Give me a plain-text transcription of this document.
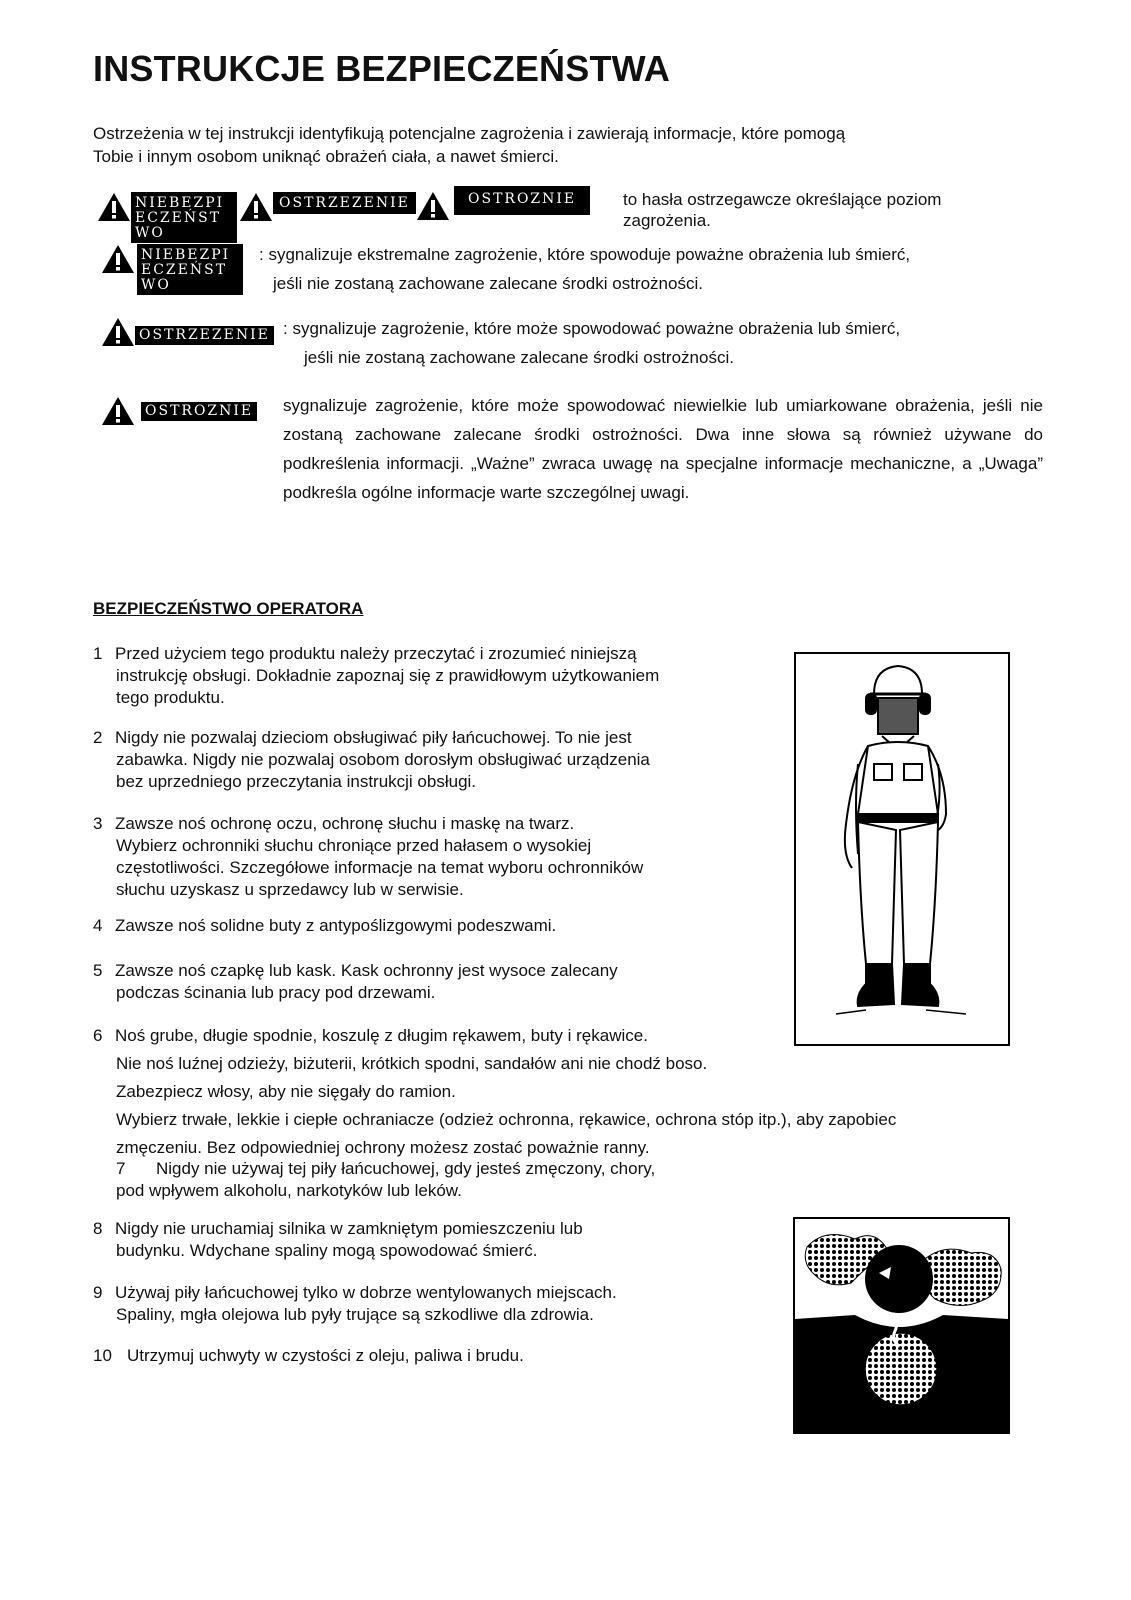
INSTRUKCJE BEZPIECZEŃSTWA
Ostrzeżenia w tej instrukcji identyfikują potencjalne zagrożenia i zawierają informacje, które pomogą
Tobie i innym osobom uniknąć obrażeń ciała, a nawet śmierci.
NIEBEZPIECZEŃSTWO
OSTRZEZENIE	OSTROZNIE	to hasła ostrzegawcze określające poziom
zagrożenia.
NIEBEZPIECZEŃSTWO
: sygnalizuje ekstremalne zagrożenie, które spowoduje poważne obrażenia lub śmierć,
jeśli nie zostaną zachowane zalecane środki ostrożności.
OSTRZEZENIE : sygnalizuje zagrożenie, które może spowodować poważne obrażenia lub śmierć,
jeśli nie zostaną zachowane zalecane środki ostrożności.
OSTROZNIE sygnalizuje zagrożenie, które może spowodować niewielkie lub umiarkowane obrażenia, jeśli nie zostaną zachowane zalecane środki ostrożności. Dwa inne słowa są również używane do podkreślenia informacji. „Ważne” zwraca uwagę na specjalne informacje mechaniczne, a „Uwaga” podkreśla ogólne informacje warte szczególnej uwagi.
BEZPIECZEŃSTWO OPERATORA
1 Przed użyciem tego produktu należy przeczytać i zrozumieć niniejszą
instrukcję obsługi. Dokładnie zapoznaj się z prawidłowym użytkowaniem
tego produktu.
2 Nigdy nie pozwalaj dzieciom obsługiwać piły łańcuchowej. To nie jest
zabawka. Nigdy nie pozwalaj osobom dorosłym obsługiwać urządzenia
bez uprzedniego przeczytania instrukcji obsługi.
3 Zawsze noś ochronę oczu, ochronę słuchu i maskę na twarz.
Wybierz ochronniki słuchu chroniące przed hałasem o wysokiej
częstotliwości. Szczegółowe informacje na temat wyboru ochronników
słuchu uzyskasz u sprzedawcy lub w serwisie.
4 Zawsze noś solidne buty z antypoślizgowymi podeszwami.
5 Zawsze noś czapkę lub kask. Kask ochronny jest wysoce zalecany
podczas ścinania lub pracy pod drzewami.
6 Noś grube, długie spodnie, koszulę z długim rękawem, buty i rękawice.
Nie noś luźnej odzieży, biżuterii, krótkich spodni, sandałów ani nie chodź boso.
Zabezpiecz włosy, aby nie sięgały do ramion.
Wybierz trwałe, lekkie i ciepłe ochraniacze (odzież ochronna, rękawice, ochrona stóp itp.), aby zapobiec
zmęczeniu. Bez odpowiedniej ochrony możesz zostać poważnie ranny.
7 Nigdy nie używaj tej piły łańcuchowej, gdy jesteś zmęczony, chory,
pod wpływem alkoholu, narkotyków lub leków.
8 Nigdy nie uruchamiaj silnika w zamkniętym pomieszczeniu lub
budynku. Wdychane spaliny mogą spowodować śmierć.
9 Używaj piły łańcuchowej tylko w dobrze wentylowanych miejscach.
Spaliny, mgła olejowa lub pyły trujące są szkodliwe dla zdrowia.
10 Utrzymuj uchwyty w czystości z oleju, paliwa i brudu.
